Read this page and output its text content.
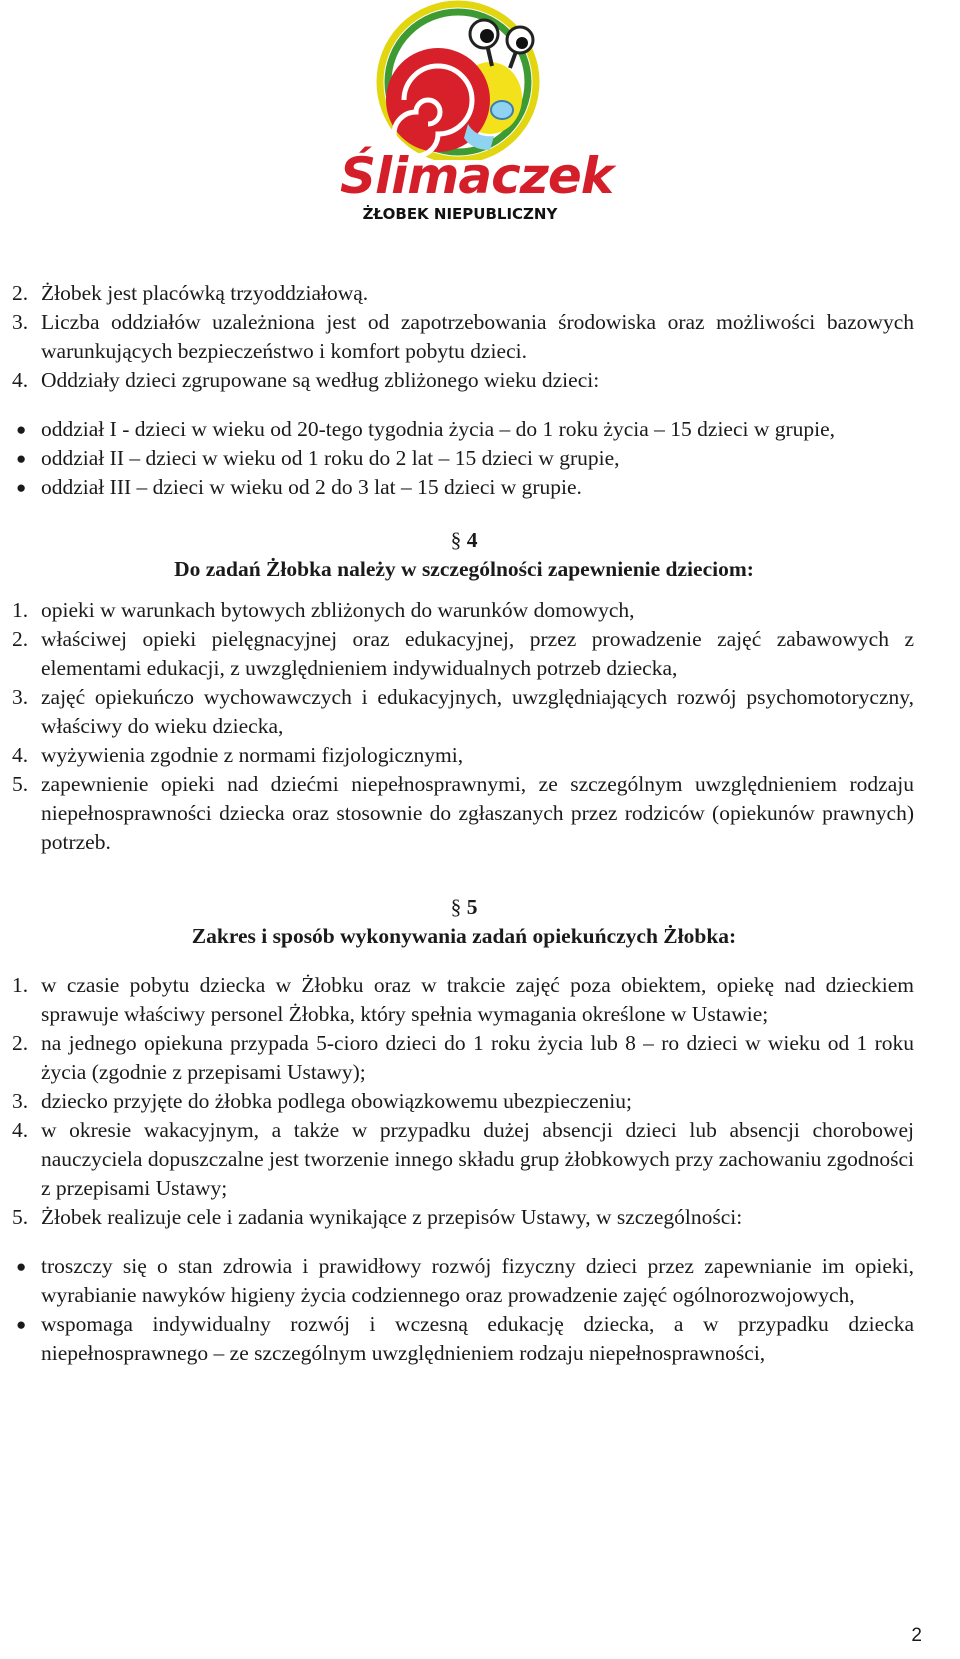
Ślimaczek
ŻŁOBEK NIEPUBLICZNY
2. Żłobek jest placówką trzyoddziałową.
3. Liczba oddziałów uzależniona jest od zapotrzebowania środowiska oraz możliwości bazowych warunkujących bezpieczeństwo i komfort pobytu dzieci.
4. Oddziały dzieci zgrupowane są według zbliżonego wieku dzieci:
● oddział I - dzieci w wieku od 20-tego tygodnia życia – do 1 roku życia – 15 dzieci w grupie,
● oddział II – dzieci w wieku od 1 roku do 2 lat – 15 dzieci w grupie,
● oddział III – dzieci w wieku od 2 do 3 lat – 15 dzieci w grupie.
§ 4
Do zadań Żłobka należy w szczególności zapewnienie dzieciom:
1. opieki w warunkach bytowych zbliżonych do warunków domowych,
2. właściwej opieki pielęgnacyjnej oraz edukacyjnej, przez prowadzenie zajęć zabawowych z elementami edukacji, z uwzględnieniem indywidualnych potrzeb dziecka,
3. zajęć opiekuńczo wychowawczych i edukacyjnych, uwzględniających rozwój psychomotoryczny, właściwy do wieku dziecka,
4. wyżywienia zgodnie z normami fizjologicznymi,
5. zapewnienie opieki nad dziećmi niepełnosprawnymi, ze szczególnym uwzględnieniem rodzaju niepełnosprawności dziecka oraz stosownie do zgłaszanych przez rodziców (opiekunów prawnych) potrzeb.
§ 5
Zakres i sposób wykonywania zadań opiekuńczych Żłobka:
1. w czasie pobytu dziecka w Żłobku oraz w trakcie zajęć poza obiektem, opiekę nad dzieckiem sprawuje właściwy personel Żłobka, który spełnia wymagania określone w Ustawie;
2. na jednego opiekuna przypada 5-cioro dzieci do 1 roku życia lub 8 – ro dzieci w wieku od 1 roku życia (zgodnie z przepisami Ustawy);
3. dziecko przyjęte do żłobka podlega obowiązkowemu ubezpieczeniu;
4. w okresie wakacyjnym, a także w przypadku dużej absencji dzieci lub absencji chorobowej nauczyciela dopuszczalne jest tworzenie innego składu grup żłobkowych przy zachowaniu zgodności z przepisami Ustawy;
5. Żłobek realizuje cele i zadania wynikające z przepisów Ustawy, w szczególności:
● troszczy się o stan zdrowia i prawidłowy rozwój fizyczny dzieci przez zapewnianie im opieki, wyrabianie nawyków higieny życia codziennego oraz prowadzenie zajęć ogólnorozwojowych,
● wspomaga indywidualny rozwój i wczesną edukację dziecka, a w przypadku dziecka niepełnosprawnego – ze szczególnym uwzględnieniem rodzaju niepełnosprawności,
2
